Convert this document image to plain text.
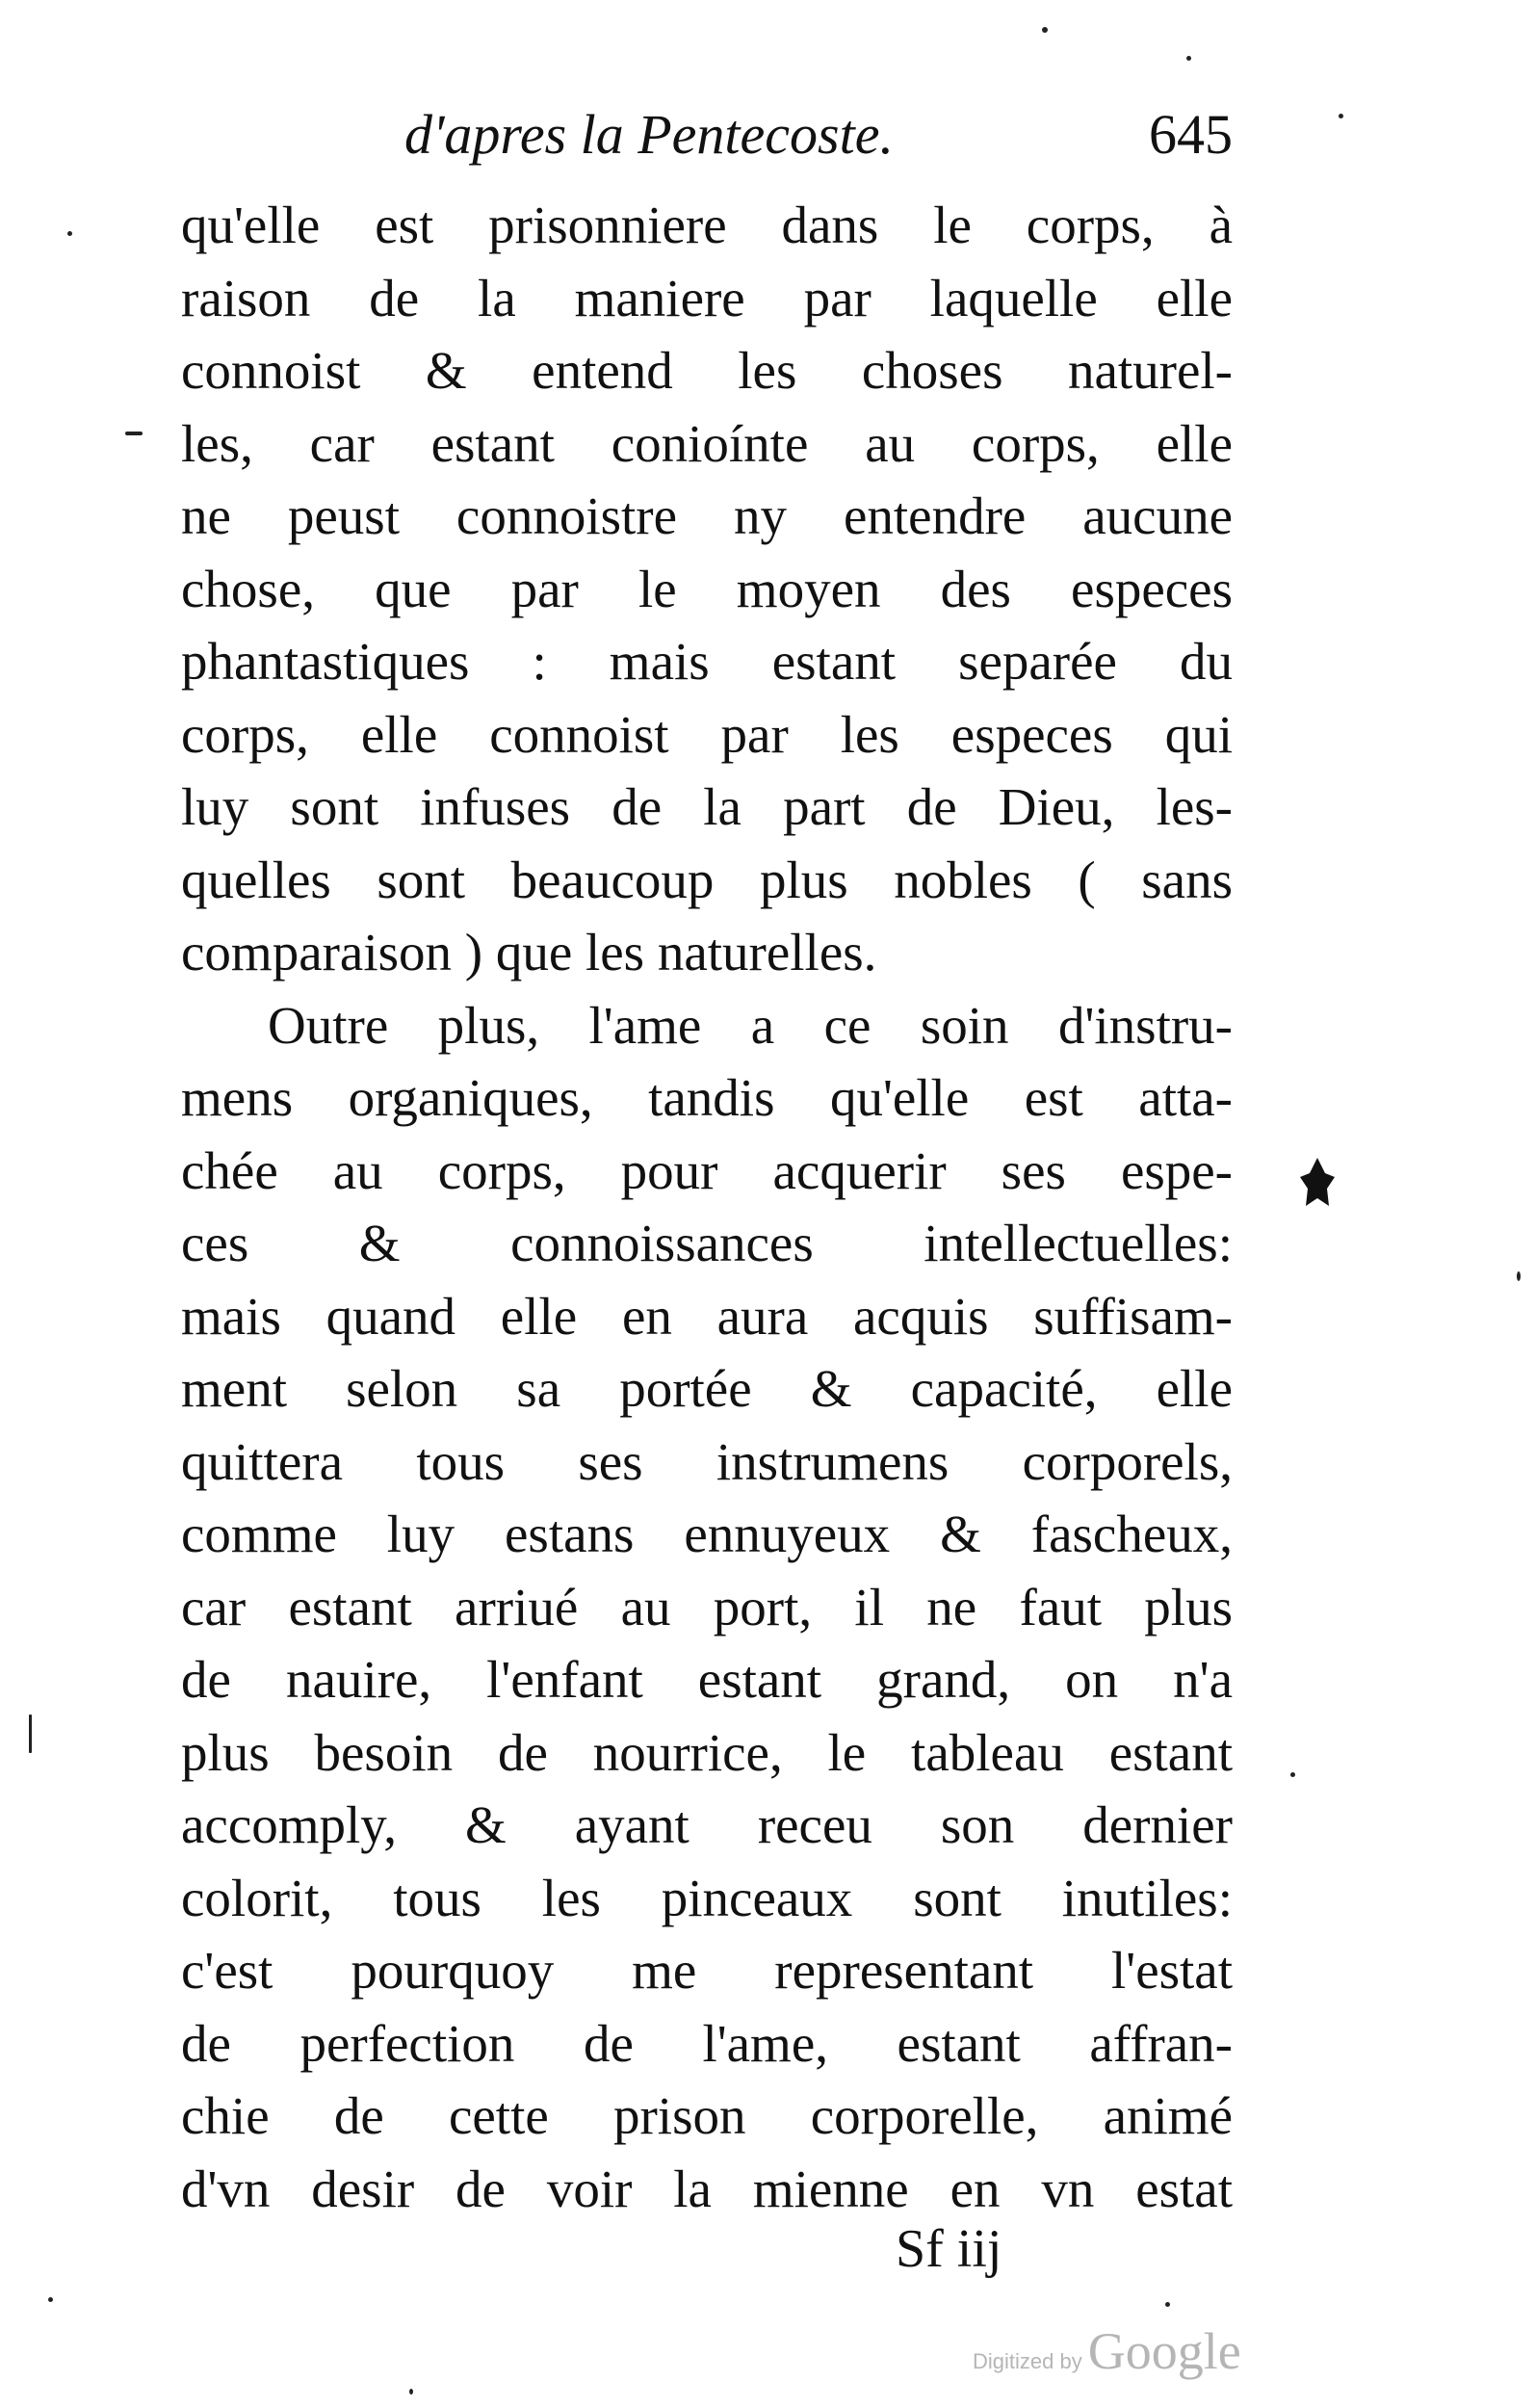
d'apres la Pentecoste.	645
qu'elle est prisonniere dans le corps, à
raison de la maniere par laquelle elle
connoist & entend les choses naturel-
les, car estant conioínte au corps, elle
ne peust connoistre ny entendre aucune
chose, que par le moyen des especes
phantastiques : mais estant separée du
corps, elle connoist par les especes qui
luy sont infuses de la part de Dieu, les-
quelles sont beaucoup plus nobles ( sans
comparaison ) que les naturelles.
Outre plus, l'ame a ce soin d'instru-
mens organiques, tandis qu'elle est atta-
chée au corps, pour acquerir ses espe-
ces & connoissances intellectuelles:
mais quand elle en aura acquis suffisam-
ment selon sa portée & capacité, elle
quittera tous ses instrumens corporels,
comme luy estans ennuyeux & fascheux,
car estant arriué au port, il ne faut plus
de nauire, l'enfant estant grand, on n'a
plus besoin de nourrice, le tableau estant
accomply, & ayant receu son dernier
colorit, tous les pinceaux sont inutiles:
c'est pourquoy me representant l'estat
de perfection de l'ame, estant affran-
chie de cette prison corporelle, animé
d'vn desir de voir la mienne en vn estat
Sf iij
Digitized by Google
